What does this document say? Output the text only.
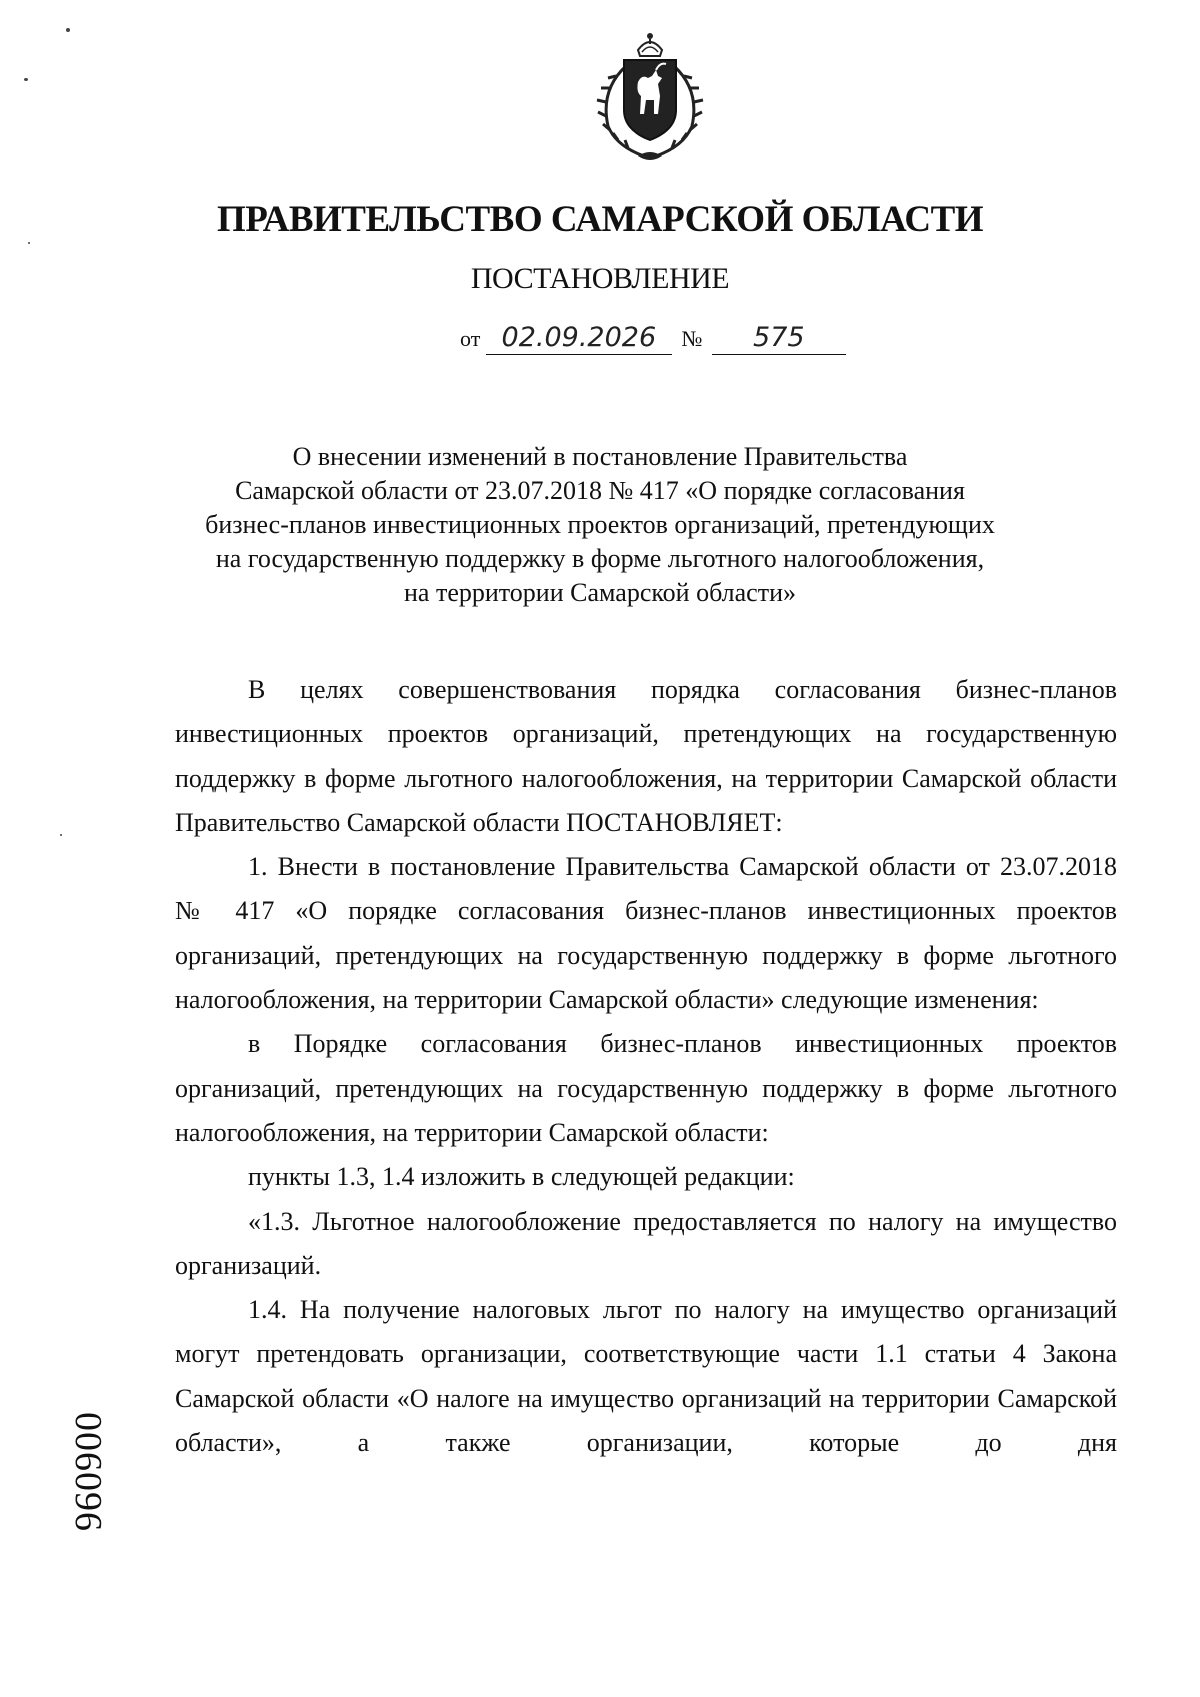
ПРАВИТЕЛЬСТВО САМАРСКОЙ ОБЛАСТИ
ПОСТАНОВЛЕНИЕ
от 02.09.2026 № 575
О внесении изменений в постановление Правительства
Самарской области от 23.07.2018 № 417 «О порядке согласования
бизнес-планов инвестиционных проектов организаций, претендующих
на государственную поддержку в форме льготного налогообложения,
на территории Самарской области»

В целях совершенствования порядка согласования бизнес-планов инвестиционных проектов организаций, претендующих на государственную поддержку в форме льготного налогообложения, на территории Самарской области Правительство Самарской области ПОСТАНОВЛЯЕТ:

1. Внести в постановление Правительства Самарской области от 23.07.2018 № 417 «О порядке согласования бизнес-планов инвестиционных проектов организаций, претендующих на государственную поддержку в форме льготного налогообложения, на территории Самарской области» следующие изменения:

в Порядке согласования бизнес-планов инвестиционных проектов организаций, претендующих на государственную поддержку в форме льготного налогообложения, на территории Самарской области:

пункты 1.3, 1.4 изложить в следующей редакции:

«1.3. Льготное налогообложение предоставляется по налогу на имущество организаций.

1.4. На получение налоговых льгот по налогу на имущество организаций могут претендовать организации, соответствующие части 1.1 статьи 4 Закона Самарской области «О налоге на имущество организаций на территории Самарской области», а также организации, которые до дня

006096
